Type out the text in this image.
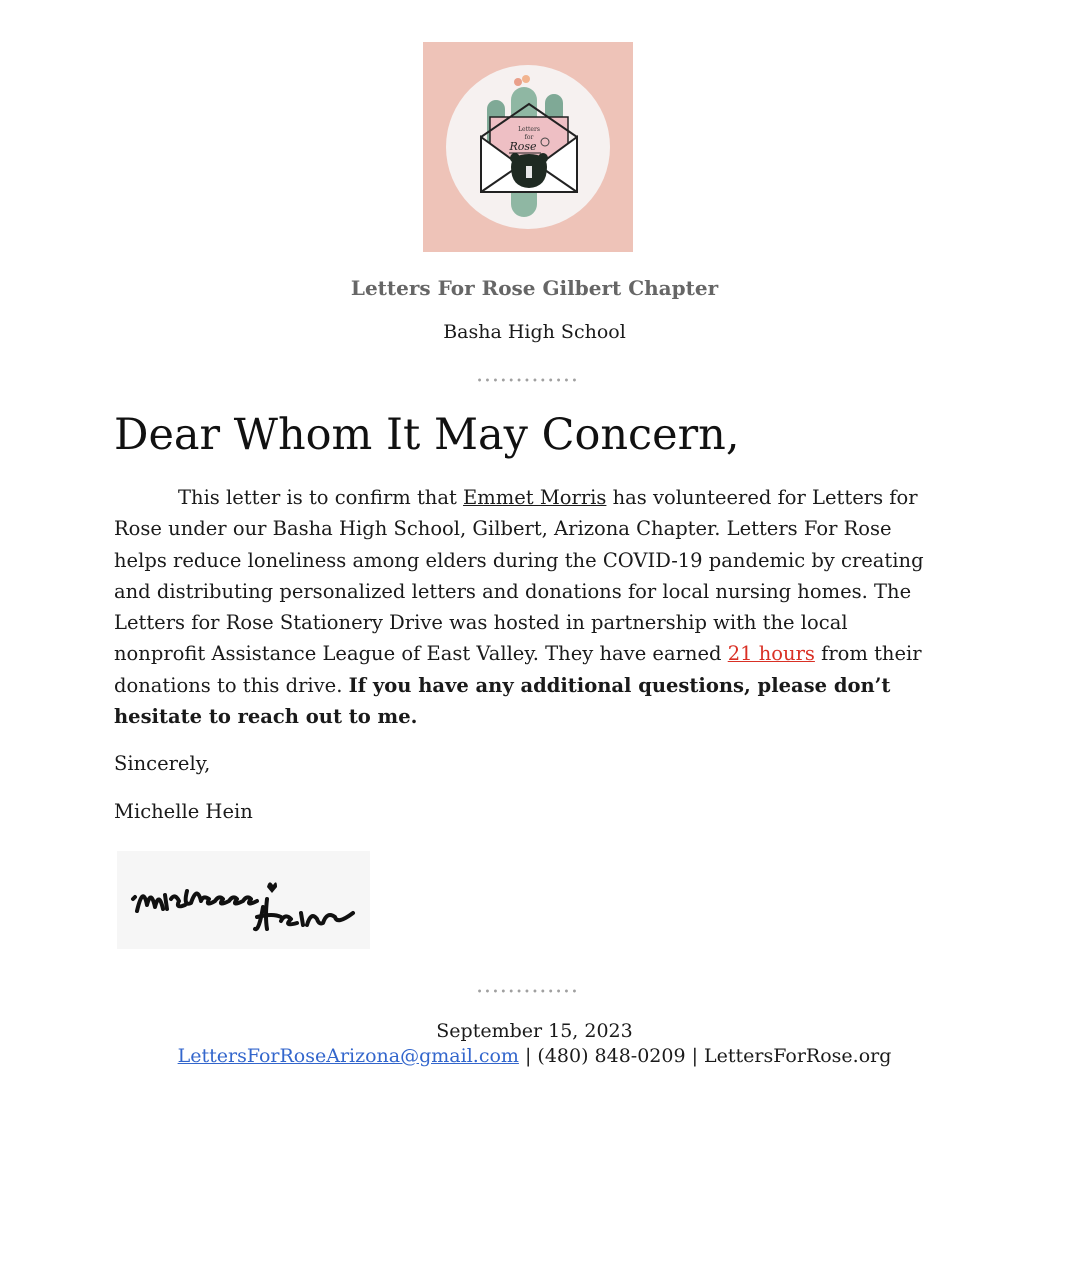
Letters
for
Rose
Letters For Rose Gilbert Chapter
Basha High School
•••••••••••••
Dear Whom It May Concern,

This letter is to confirm that Emmet Morris has volunteered for Letters for Rose under our Basha High School, Gilbert, Arizona Chapter. Letters For Rose helps reduce loneliness among elders during the COVID-19 pandemic by creating and distributing personalized letters and donations for local nursing homes. The Letters for Rose Stationery Drive was hosted in partnership with the local nonprofit Assistance League of East Valley. They have earned 21 hours from their donations to this drive. If you have any additional questions, please don’t hesitate to reach out to me.

Sincerely,
Michelle Hein
•••••••••••••
September 15, 2023
LettersForRoseArizona@gmail.com | (480) 848-0209 | LettersForRose.org
